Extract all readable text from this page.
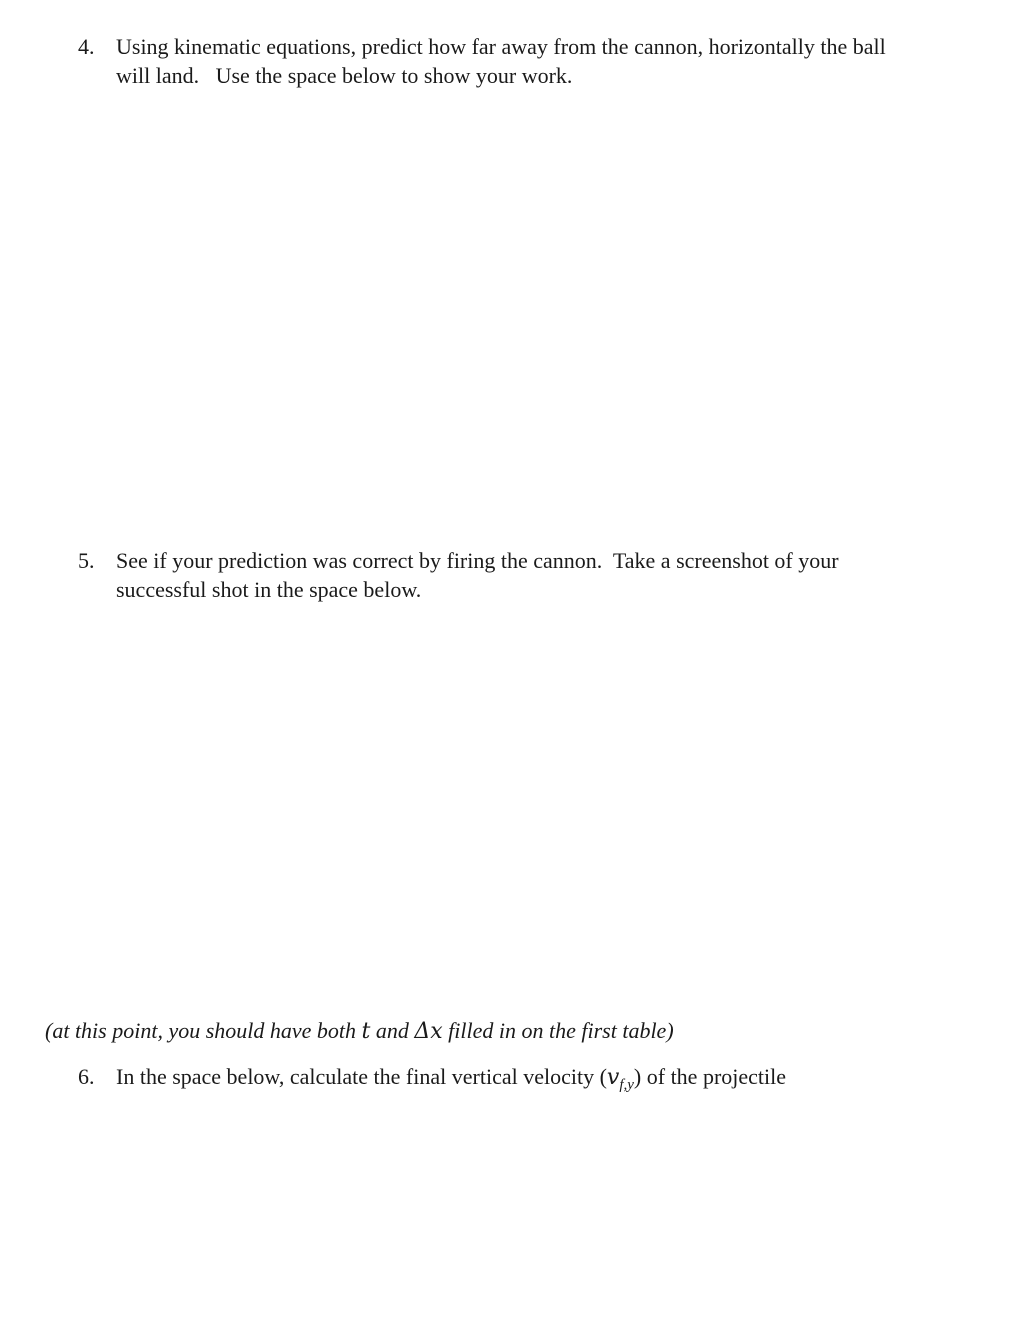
4. Using kinematic equations, predict how far away from the cannon, horizontally the ball
will land.   Use the space below to show your work.
5. See if your prediction was correct by firing the cannon.  Take a screenshot of your
successful shot in the space below.
(at this point, you should have both t and Δx filled in on the first table)
6. In the space below, calculate the final vertical velocity $(v_{f,y})$ of the projectile
